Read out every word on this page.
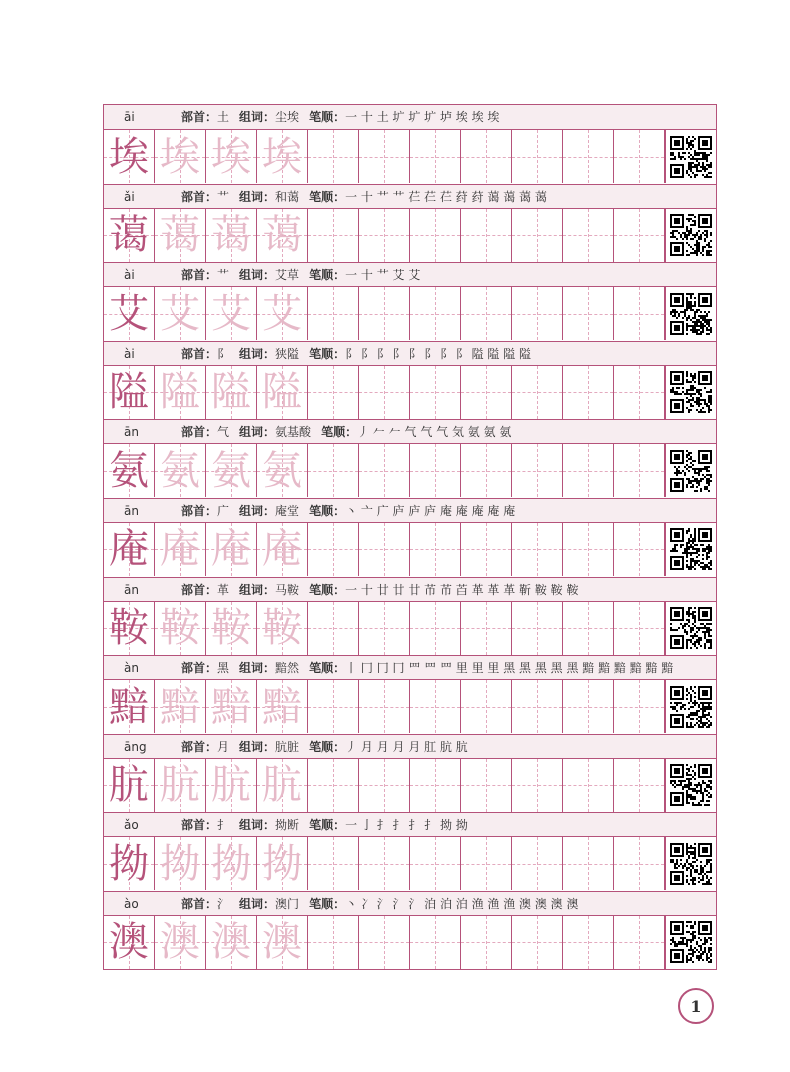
āi	部首：土 组词：尘埃 笔顺：一 十 土 圹 圹 圹 垆 埃 埃 埃
埃 埃 埃 埃
ǎi	部首：艹 组词：和蔼 笔顺：一 十 艹 艹 芢 芢 芢 荮 荮 蔼 蔼 蔼 蔼
蔼 蔼 蔼 蔼
ài	部首：艹 组词：艾草 笔顺：一 十 艹 艾 艾
艾 艾 艾 艾
ài	部首：阝 组词：狭隘 笔顺：阝 阝 阝 阝 阝 阝 阝 阝 隘 隘 隘 隘
隘 隘 隘 隘
ān	部首：气 组词：氨基酸 笔顺：丿 𠂉 𠂉 气 气 气 気 氨 氨 氨
氨 氨 氨 氨
ān	部首：广 组词：庵堂 笔顺：丶 亠 广 庐 庐 庐 庵 庵 庵 庵 庵
庵 庵 庵 庵
ān	部首：革 组词：马鞍 笔顺：一 十 廿 廿 廿 芇 芇 苩 革 革 革 靳 鞍 鞍 鞍
鞍 鞍 鞍 鞍
àn	部首：黑 组词：黯然 笔顺：丨 冂 冂 冂 罒 罒 罒 里 里 里 黑 黑 黑 黑 黑 黯 黯 黯 黯 黯 黯
黯 黯 黯 黯
āng	部首：月 组词：肮脏 笔顺：丿 月 月 月 月 肛 肮 肮
肮 肮 肮 肮
ǎo	部首：扌 组词：拗断 笔顺：一 亅 扌 扌 扌 扌 拗 拗
拗 拗 拗 拗
ào	部首：氵 组词：澳门 笔顺：丶 冫 氵 氵 氵 泊 泊 泊 渔 渔 渔 澳 澳 澳 澳
澳 澳 澳 澳
1
